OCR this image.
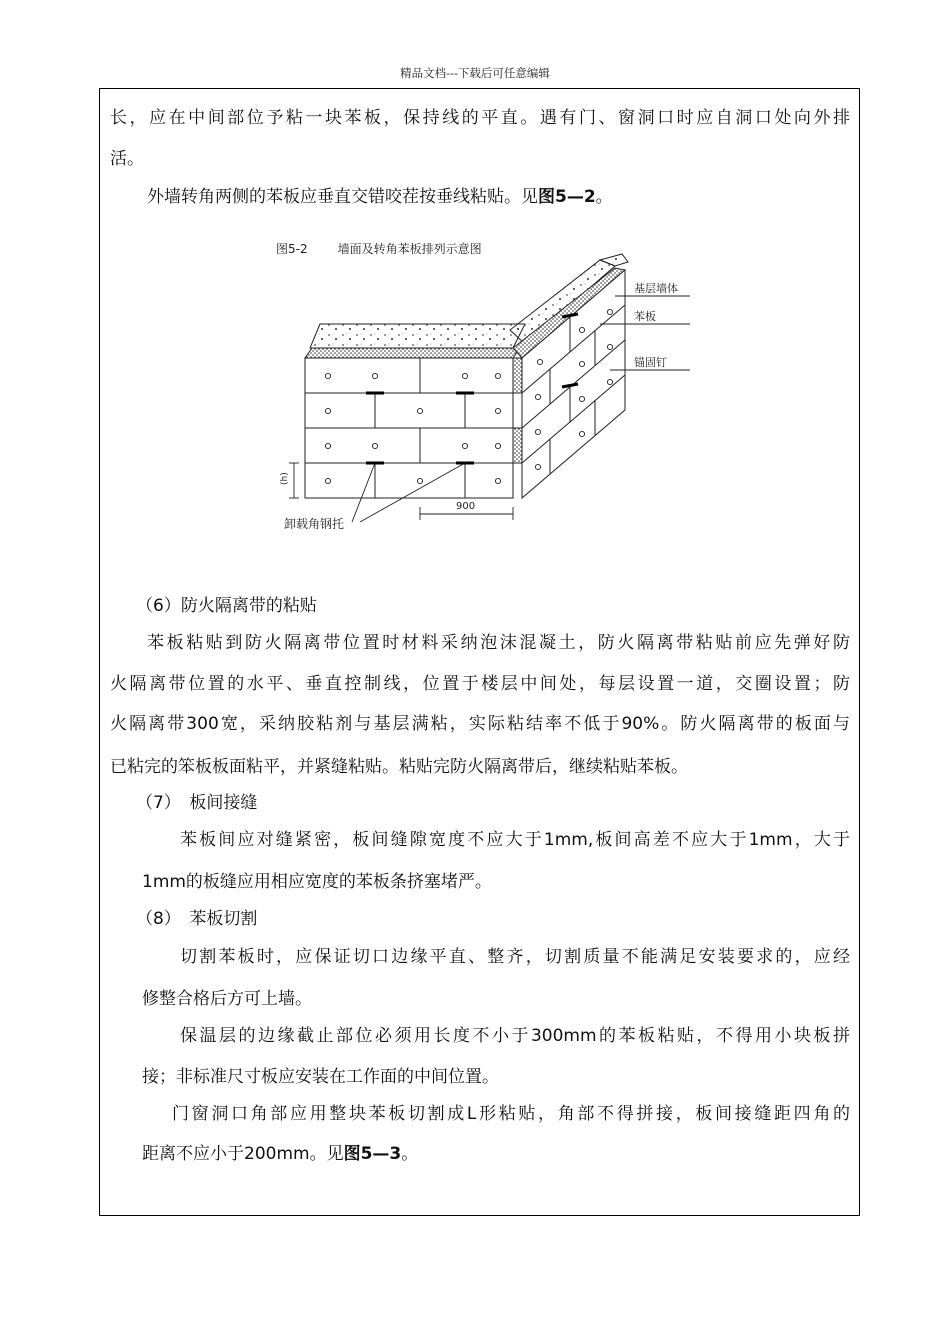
精品文档---下载后可任意编辑
长，应在中间部位予粘一块苯板，保持线的平直。遇有门、窗洞口时应自洞口处向外排
活。
外墙转角两侧的苯板应垂直交错咬茬按垂线粘贴。见图5—2。
图5-2	墙面及转角苯板排列示意图
基层墙体
苯板
锚固钉
卸载角钢托
900
(h)
（6）防火隔离带的粘贴
苯板粘贴到防火隔离带位置时材料采纳泡沫混凝土，防火隔离带粘贴前应先弹好防
火隔离带位置的水平、垂直控制线，位置于楼层中间处，每层设置一道，交圈设置；防
火隔离带300宽，采纳胶粘剂与基层满粘，实际粘结率不低于90%。防火隔离带的板面与
已粘完的笨板板面粘平，并紧缝粘贴。粘贴完防火隔离带后，继续粘贴苯板。
（7）　板间接缝
苯板间应对缝紧密，板间缝隙宽度不应大于1mm,板间高差不应大于1mm，大于
1mm的板缝应用相应宽度的苯板条挤塞堵严。
（8）　苯板切割
切割苯板时，应保证切口边缘平直、整齐，切割质量不能满足安装要求的，应经
修整合格后方可上墙。
保温层的边缘截止部位必须用长度不小于300mm的苯板粘贴，不得用小块板拼
接；非标准尺寸板应安装在工作面的中间位置。
门窗洞口角部应用整块苯板切割成L形粘贴，角部不得拼接，板间接缝距四角的
距离不应小于200mm。见图5—3。
